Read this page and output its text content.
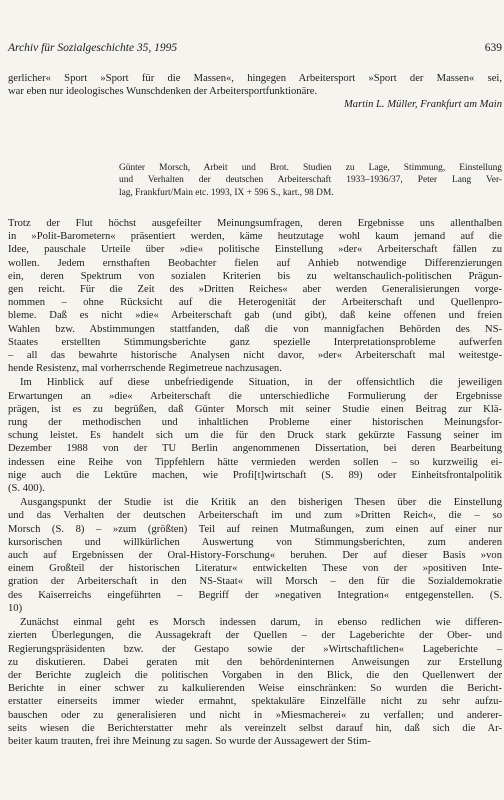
Archiv für Sozialgeschichte 35, 1995	639
gerlicher« Sport »Sport für die Massen«, hingegen Arbeitersport »Sport der Massen« sei,
war eben nur ideologisches Wunschdenken der Arbeitersportfunktionäre.
Martin L. Müller, Frankfurt am Main
Günter Morsch, Arbeit und Brot. Studien zu Lage, Stimmung, Einstellung
und Verhalten der deutschen Arbeiterschaft 1933–1936/37, Peter Lang Ver-
lag, Frankfurt/Main etc. 1993, IX + 596 S., kart., 98 DM.

Trotz der Flut höchst ausgefeilter Meinungsumfragen, deren Ergebnisse uns allenthalben
in »Polit-Barometern« präsentiert werden, käme heutzutage wohl kaum jemand auf die
Idee, pauschale Urteile über »die« politische Einstellung »der« Arbeiterschaft fällen zu
wollen. Jedem ernsthaften Beobachter fielen auf Anhieb notwendige Differenzierungen
ein, deren Spektrum von sozialen Kriterien bis zu weltanschaulich-politischen Prägun-
gen reicht. Für die Zeit des »Dritten Reiches« aber werden Generalisierungen vorge-
nommen – ohne Rücksicht auf die Heterogenität der Arbeiterschaft und Quellenpro-
bleme. Daß es nicht »die« Arbeiterschaft gab (und gibt), daß keine offenen und freien
Wahlen bzw. Abstimmungen stattfanden, daß die von mannigfachen Behörden des NS-
Staates erstellten Stimmungsberichte ganz spezielle Interpretationsprobleme aufwerfen
– all das bewahrte historische Analysen nicht davor, »der« Arbeiterschaft mal weitestge-
hende Resistenz, mal vorherrschende Regimetreue nachzusagen.

Im Hinblick auf diese unbefriedigende Situation, in der offensichtlich die jeweiligen
Erwartungen an »die« Arbeiterschaft die unterschiedliche Formulierung der Ergebnisse
prägen, ist es zu begrüßen, daß Günter Morsch mit seiner Studie einen Beitrag zur Klä-
rung der methodischen und inhaltlichen Probleme einer historischen Meinungsfor-
schung leistet. Es handelt sich um die für den Druck stark gekürzte Fassung seiner im
Dezember 1988 von der TU Berlin angenommenen Dissertation, bei deren Bearbeitung
indessen eine Reihe von Tippfehlern hätte vermieden werden sollen – so kurzweilig ei-
nige auch die Lektüre machen, wie Profi[t]wirtschaft (S. 89) oder Einheitsfrontalpolitik
(S. 400).

Ausgangspunkt der Studie ist die Kritik an den bisherigen Thesen über die Einstellung
und das Verhalten der deutschen Arbeiterschaft im und zum »Dritten Reich«, die – so
Morsch (S. 8) – »zum (größten) Teil auf reinen Mutmaßungen, zum einen auf einer nur
kursorischen und willkürlichen Auswertung von Stimmungsberichten, zum anderen
auch auf Ergebnissen der Oral-History-Forschung« beruhen. Der auf dieser Basis »von
einem Großteil der historischen Literatur« entwickelten These von der »positiven Inte-
gration der Arbeiterschaft in den NS-Staat« will Morsch – den für die Sozialdemokratie
des Kaiserreichs eingeführten – Begriff der »negativen Integration« entgegenstellen. (S.
10)

Zunächst einmal geht es Morsch indessen darum, in ebenso redlichen wie differen-
zierten Überlegungen, die Aussagekraft der Quellen – der Lageberichte der Ober- und
Regierungspräsidenten bzw. der Gestapo sowie der »Wirtschaftlichen« Lageberichte –
zu diskutieren. Dabei geraten mit den behördeninternen Anweisungen zur Erstellung
der Berichte zugleich die politischen Vorgaben in den Blick, die den Quellenwert der
Berichte in einer schwer zu kalkulierenden Weise einschränken: So wurden die Bericht-
erstatter einerseits immer wieder ermahnt, spektakuläre Einzelfälle nicht zu sehr aufzu-
bauschen oder zu generalisieren und nicht in »Miesmacherei« zu verfallen; und anderer-
seits wiesen die Berichterstatter mehr als vereinzelt selbst darauf hin, daß sich die Ar-
beiter kaum trauten, frei ihre Meinung zu sagen. So wurde der Aussagewert der Stim-
